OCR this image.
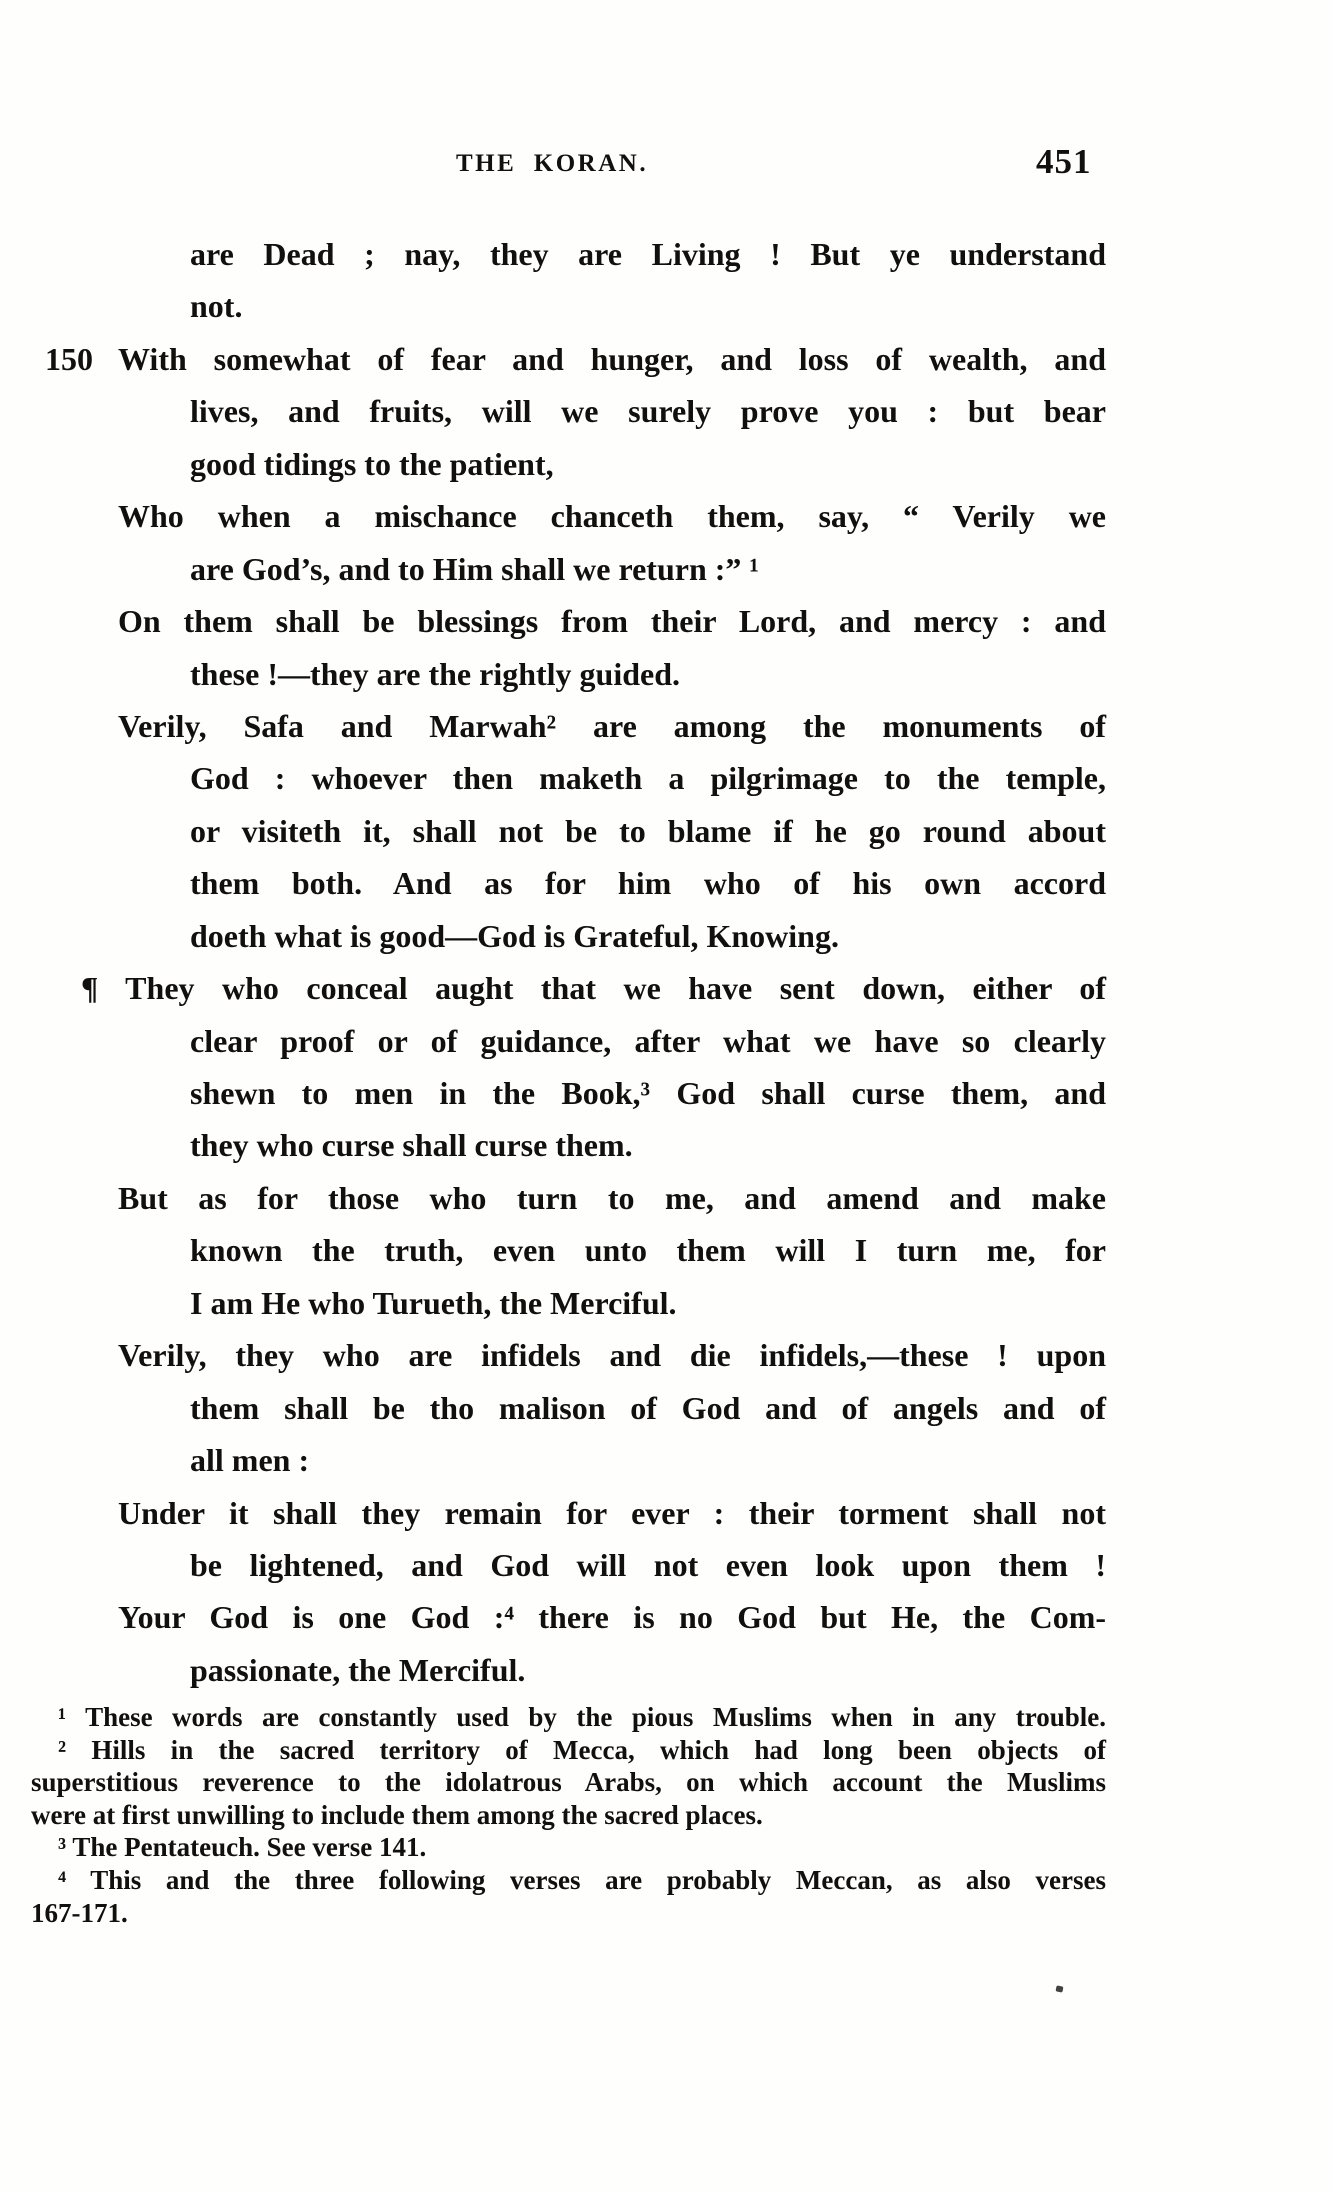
THE  KORAN.	451
are Dead ; nay, they are Living ! But ye understand
not.
150 With somewhat of fear and hunger, and loss of wealth, and
lives, and fruits, will we surely prove you : but bear
good tidings to the patient,
Who when a mischance chanceth them, say, “ Verily we
are God’s, and to Him shall we return :” ¹
On them shall be blessings from their Lord, and mercy : and
these !—they are the rightly guided.
Verily, Safa and Marwah² are among the monuments of
God : whoever then maketh a pilgrimage to the temple,
or visiteth it, shall not be to blame if he go round about
them both. And as for him who of his own accord
doeth what is good—God is Grateful, Knowing.
¶ They who conceal aught that we have sent down, either of
clear proof or of guidance, after what we have so clearly
shewn to men in the Book,³ God shall curse them, and
they who curse shall curse them.
But as for those who turn to me, and amend and make
known the truth, even unto them will I turn me, for
I am He who Turueth, the Merciful.
Verily, they who are infidels and die infidels,—these ! upon
them shall be tho malison of God and of angels and of
all men :
Under it shall they remain for ever : their torment shall not
be lightened, and God will not even look upon them !
Your God is one God :⁴ there is no God but He, the Com-
passionate, the Merciful.
¹ These words are constantly used by the pious Muslims when in any trouble.
² Hills in the sacred territory of Mecca, which had long been objects of
superstitious reverence to the idolatrous Arabs, on which account the Muslims
were at first unwilling to include them among the sacred places.
³ The Pentateuch. See verse 141.
⁴ This and the three following verses are probably Meccan, as also verses
167-171.
